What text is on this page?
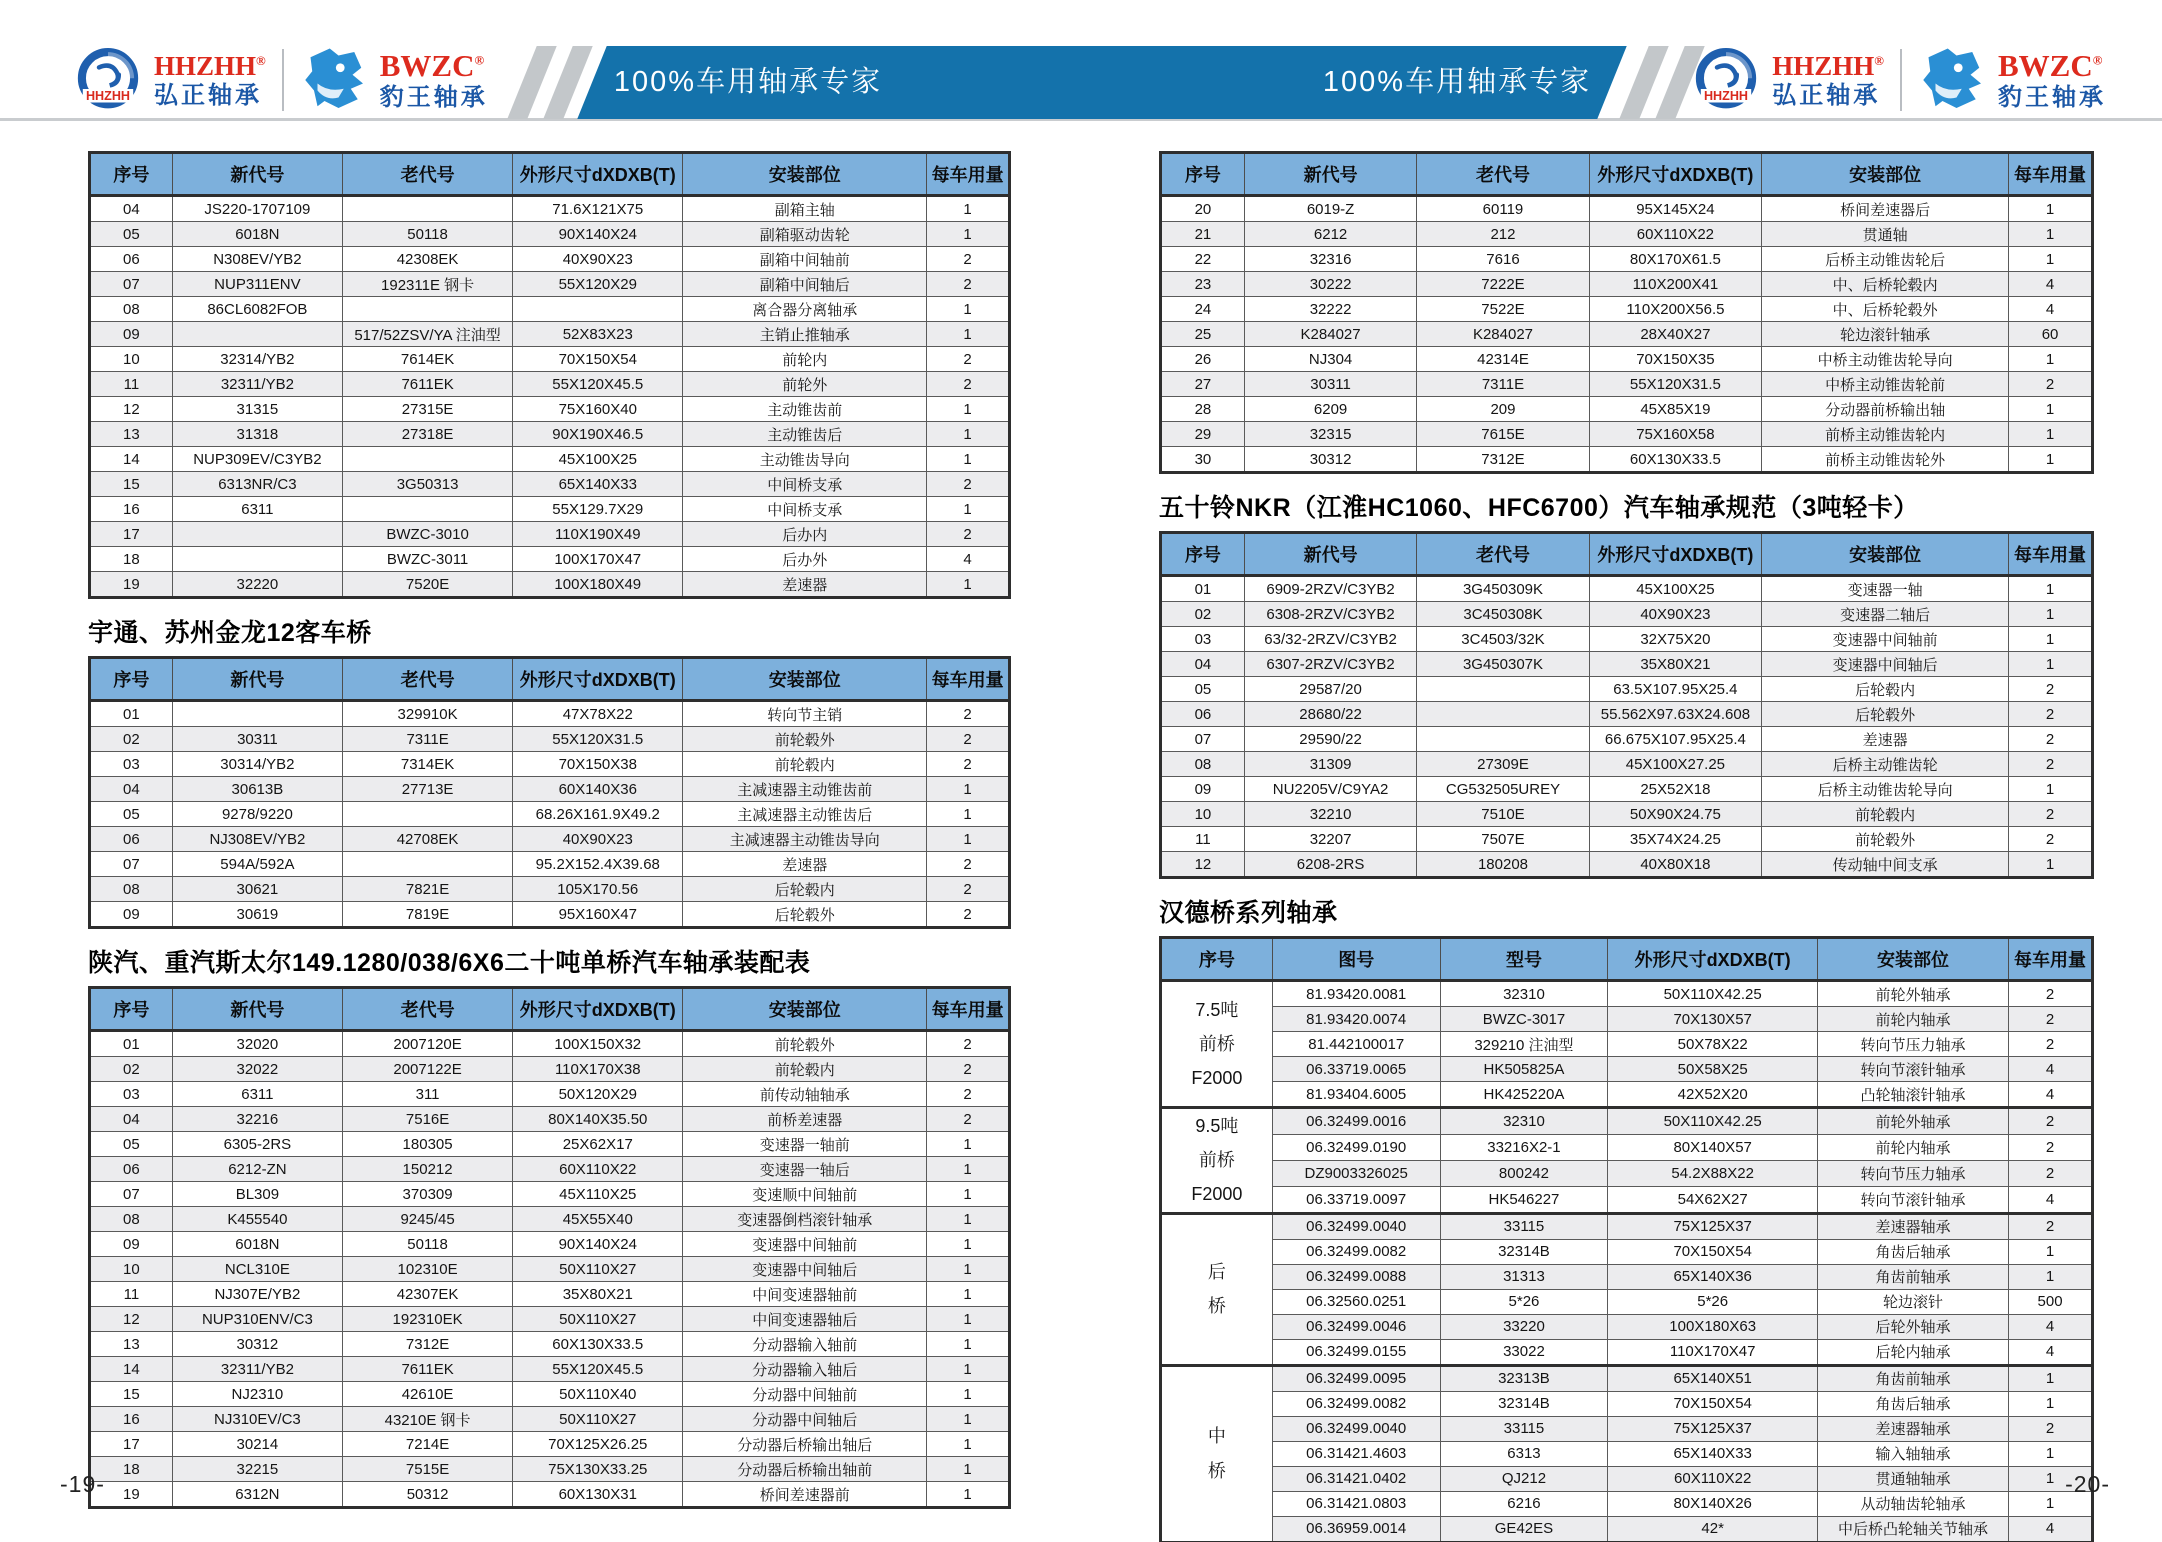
HHZHH
HHZHH®
弘正轴承
BWZC®
豹王轴承	100%车用轴承专家	100%车用轴承专家	HHZHH
HHZHH®
弘正轴承
BWZC®
豹王轴承
序号	新代号	老代号	外形尺寸dXDXB(T)	安装部位	每车用量
04	JS220-1707109		71.6X121X75	副箱主轴	1
05	6018N	50118	90X140X24	副箱驱动齿轮	1
06	N308EV/YB2	42308EK	40X90X23	副箱中间轴前	2
07	NUP311ENV	192311E 钢卡	55X120X29	副箱中间轴后	2
08	86CL6082FOB			离合器分离轴承	1
09		517/52ZSV/YA 注油型	52X83X23	主销止推轴承	1
10	32314/YB2	7614EK	70X150X54	前轮内	2
11	32311/YB2	7611EK	55X120X45.5	前轮外	2
12	31315	27315E	75X160X40	主动锥齿前	1
13	31318	27318E	90X190X46.5	主动锥齿后	1
14	NUP309EV/C3YB2		45X100X25	主动锥齿导向	1
15	6313NR/C3	3G50313	65X140X33	中间桥支承	2
16	6311		55X129.7X29	中间桥支承	1
17		BWZC-3010	110X190X49	后办内	2
18		BWZC-3011	100X170X47	后办外	4
19	32220	7520E	100X180X49	差速器	1
宇通、苏州金龙12客车桥
序号	新代号	老代号	外形尺寸dXDXB(T)	安装部位	每车用量
01		329910K	47X78X22	转向节主销	2
02	30311	7311E	55X120X31.5	前轮毂外	2
03	30314/YB2	7314EK	70X150X38	前轮毂内	2
04	30613B	27713E	60X140X36	主减速器主动锥齿前	1
05	9278/9220		68.26X161.9X49.2	主减速器主动锥齿后	1
06	NJ308EV/YB2	42708EK	40X90X23	主减速器主动锥齿导向	1
07	594A/592A		95.2X152.4X39.68	差速器	2
08	30621	7821E	105X170.56	后轮毂内	2
09	30619	7819E	95X160X47	后轮毂外	2
陕汽、重汽斯太尔149.1280/038/6X6二十吨单桥汽车轴承装配表
序号	新代号	老代号	外形尺寸dXDXB(T)	安装部位	每车用量
01	32020	2007120E	100X150X32	前轮毂外	2
02	32022	2007122E	110X170X38	前轮毂内	2
03	6311	311	50X120X29	前传动轴轴承	2
04	32216	7516E	80X140X35.50	前桥差速器	2
05	6305-2RS	180305	25X62X17	变速器一轴前	1
06	6212-ZN	150212	60X110X22	变速器一轴后	1
07	BL309	370309	45X110X25	变速顺中间轴前	1
08	K455540	9245/45	45X55X40	变速器倒档滚针轴承	1
09	6018N	50118	90X140X24	变速器中间轴前	1
10	NCL310E	102310E	50X110X27	变速器中间轴后	1
11	NJ307E/YB2	42307EK	35X80X21	中间变速器轴前	1
12	NUP310ENV/C3	192310EK	50X110X27	中间变速器轴后	1
13	30312	7312E	60X130X33.5	分动器输入轴前	1
14	32311/YB2	7611EK	55X120X45.5	分动器输入轴后	1
15	NJ2310	42610E	50X110X40	分动器中间轴前	1
16	NJ310EV/C3	43210E 钢卡	50X110X27	分动器中间轴后	1
17	30214	7214E	70X125X26.25	分动器后桥输出轴后	1
18	32215	7515E	75X130X33.25	分动器后桥输出轴前	1
19	6312N	50312	60X130X31	桥间差速器前	1
-19-
序号	新代号	老代号	外形尺寸dXDXB(T)	安装部位	每车用量
20	6019-Z	60119	95X145X24	桥间差速器后	1
21	6212	212	60X110X22	贯通轴	1
22	32316	7616	80X170X61.5	后桥主动锥齿轮后	1
23	30222	7222E	110X200X41	中、后桥轮毂内	4
24	32222	7522E	110X200X56.5	中、后桥轮毂外	4
25	K284027	K284027	28X40X27	轮边滚针轴承	60
26	NJ304	42314E	70X150X35	中桥主动锥齿轮导向	1
27	30311	7311E	55X120X31.5	中桥主动锥齿轮前	2
28	6209	209	45X85X19	分动器前桥输出轴	1
29	32315	7615E	75X160X58	前桥主动锥齿轮内	1
30	30312	7312E	60X130X33.5	前桥主动锥齿轮外	1
五十铃NKR（江淮HC1060、HFC6700）汽车轴承规范（3吨轻卡）
序号	新代号	老代号	外形尺寸dXDXB(T)	安装部位	每车用量
01	6909-2RZV/C3YB2	3G450309K	45X100X25	变速器一轴	1
02	6308-2RZV/C3YB2	3C450308K	40X90X23	变速器二轴后	1
03	63/32-2RZV/C3YB2	3C4503/32K	32X75X20	变速器中间轴前	1
04	6307-2RZV/C3YB2	3G450307K	35X80X21	变速器中间轴后	1
05	29587/20		63.5X107.95X25.4	后轮毂内	2
06	28680/22		55.562X97.63X24.608	后轮毂外	2
07	29590/22		66.675X107.95X25.4	差速器	2
08	31309	27309E	45X100X27.25	后桥主动锥齿轮	2
09	NU2205V/C9YA2	CG532505UREY	25X52X18	后桥主动锥齿轮导向	1
10	32210	7510E	50X90X24.75	前轮毂内	2
11	32207	7507E	35X74X24.25	前轮毂外	2
12	6208-2RS	180208	40X80X18	传动轴中间支承	1
汉德桥系列轴承
序号	图号	型号	外形尺寸dXDXB(T)	安装部位	每车用量

7.5吨
前桥
F2000	81.93420.0081	32310	50X110X42.25	前轮外轴承	2
	81.93420.0074	BWZC-3017	70X130X57	前轮内轴承	2
	81.442100017	329210 注油型	50X78X22	转向节压力轴承	2
	06.33719.0065	HK505825A	50X58X25	转向节滚针轴承	4
	81.93404.6005	HK425220A	42X52X20	凸轮轴滚针轴承	4

9.5吨
前桥
F2000	06.32499.0016	32310	50X110X42.25	前轮外轴承	2
	06.32499.0190	33216X2-1	80X140X57	前轮内轴承	2
	DZ9003326025	800242	54.2X88X22	转向节压力轴承	2
	06.33719.0097	HK546227	54X62X27	转向节滚针轴承	4

后
桥	06.32499.0040	33115	75X125X37	差速器轴承	2
	06.32499.0082	32314B	70X150X54	角齿后轴承	1
	06.32499.0088	31313	65X140X36	角齿前轴承	1
	06.32560.0251	5*26	5*26	轮边滚针	500
	06.32499.0046	33220	100X180X63	后轮外轴承	4
	06.32499.0155	33022	110X170X47	后轮内轴承	4

中
桥	06.32499.0095	32313B	65X140X51	角齿前轴承	1
	06.32499.0082	32314B	70X150X54	角齿后轴承	1
	06.32499.0040	33115	75X125X37	差速器轴承	2
	06.31421.4603	6313	65X140X33	输入轴轴承	1
	06.31421.0402	QJ212	60X110X22	贯通轴轴承	1
	06.31421.0803	6216	80X140X26	从动轴齿轮轴承	1
	06.36959.0014	GE42ES	42*	中后桥凸轮轴关节轴承	4
-20-
